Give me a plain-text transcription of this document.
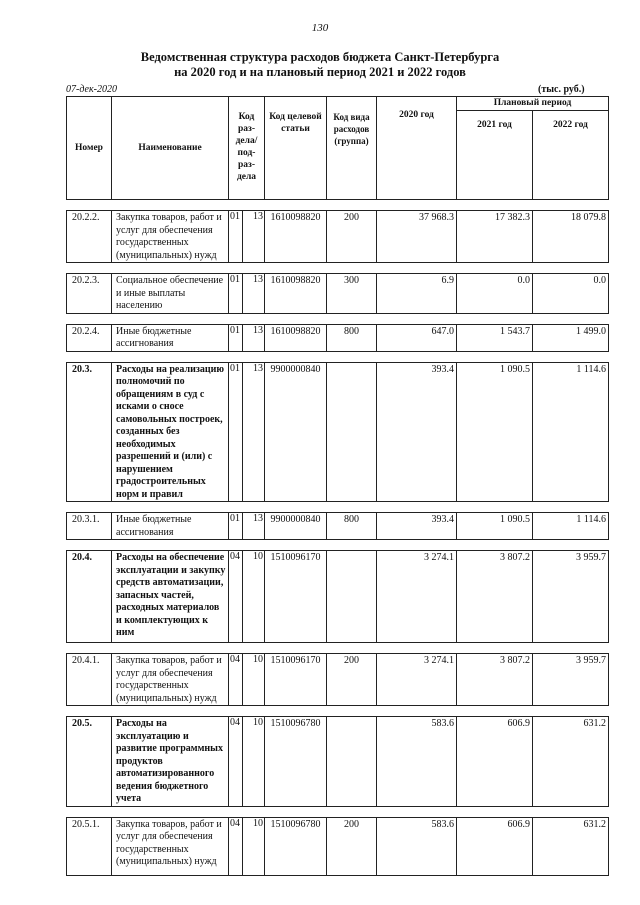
130
Ведомственная структура расходов бюджета Санкт-Петербурга
на 2020 год и на плановый период 2021 и 2022 годов
07-дек-2020	(тыс. руб.)
Номер	Наименование	Код раз- дела/ под- раз- дела		Код целевой статьи	Код вида расходов (группа)	2020 год	Плановый период	
							2021 год	2022 год

20.2.2.	Закупка товаров, работ и услуг для обеспечения государственных (муниципальных) нужд	01	13	1610098820	200	37 968.3	17 382.3	18 079.8

20.2.3.	Социальное обеспечение и иные выплаты населению	01	13	1610098820	300	6.9	0.0	0.0

20.2.4.	Иные бюджетные ассигнования	01	13	1610098820	800	647.0	1 543.7	1 499.0

20.3.	Расходы на реализацию полномочий по обращениям в суд с исками о сносе самовольных построек, созданных без необходимых разрешений и (или) с нарушением градостроительных норм и правил	01	13	9900000840		393.4	1 090.5	1 114.6

20.3.1.	Иные бюджетные ассигнования	01	13	9900000840	800	393.4	1 090.5	1 114.6

20.4.	Расходы на обеспечение эксплуатации и закупку средств автоматизации, запасных частей, расходных материалов и комплектующих к ним	04	10	1510096170		3 274.1	3 807.2	3 959.7

20.4.1.	Закупка товаров, работ и услуг для обеспечения государственных (муниципальных) нужд	04	10	1510096170	200	3 274.1	3 807.2	3 959.7

20.5.	Расходы на эксплуатацию и развитие программных продуктов автоматизированного ведения бюджетного учета	04	10	1510096780		583.6	606.9	631.2

20.5.1.	Закупка товаров, работ и услуг для обеспечения государственных (муниципальных) нужд	04	10	1510096780	200	583.6	606.9	631.2
